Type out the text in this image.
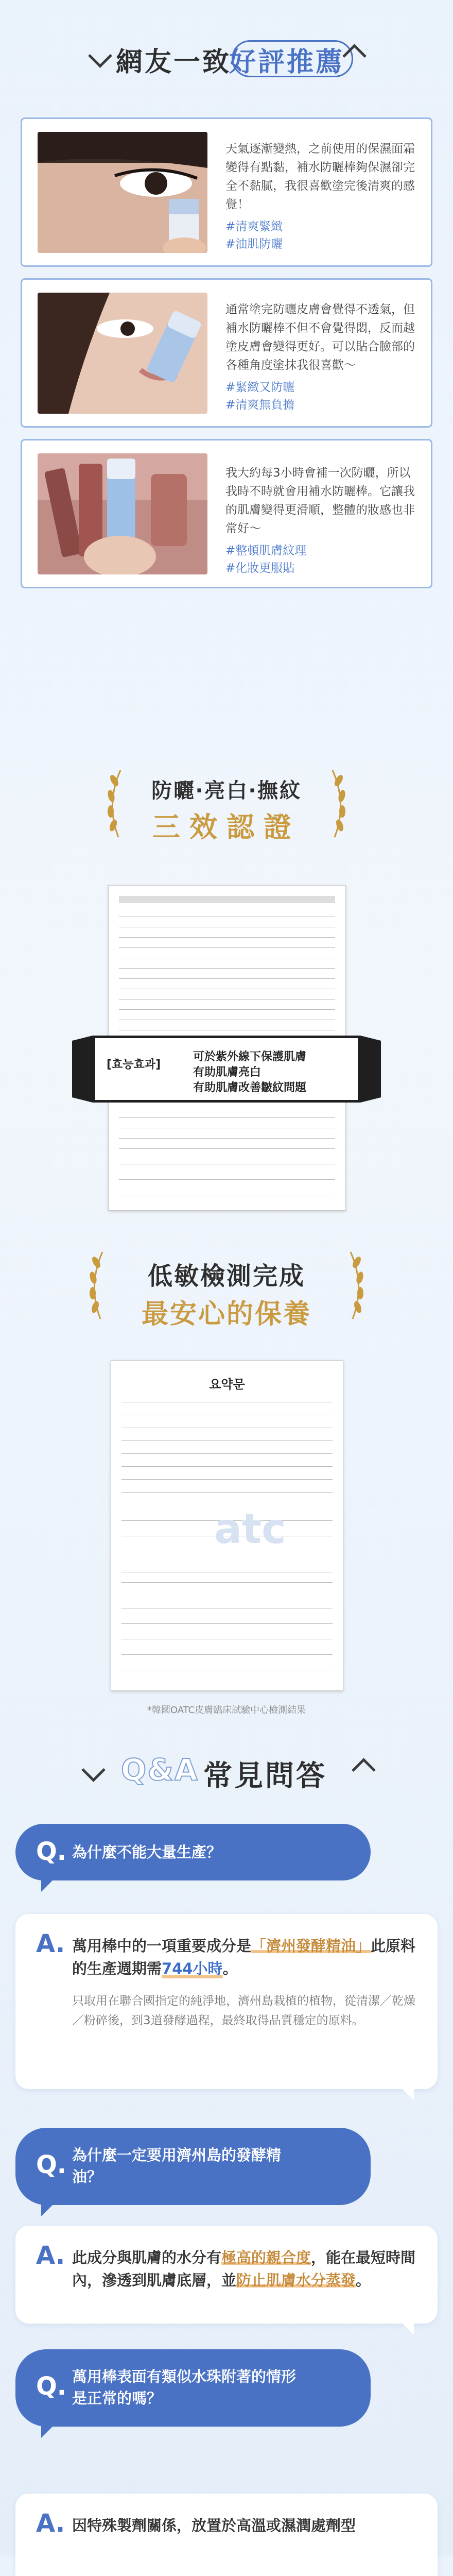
網友一致
好評推薦
天氣逐漸變熱，之前使用的保濕面霜變得有點黏，補水防曬棒夠保濕卻完全不黏膩，我很喜歡塗完後清爽的感覺！
#清爽緊緻
#油肌防曬
通常塗完防曬皮膚會覺得不透氣，但補水防曬棒不但不會覺得悶，反而越塗皮膚會變得更好。可以貼合臉部的各種角度塗抹我很喜歡～
#緊緻又防曬
#清爽無負擔
我大約每3小時會補一次防曬，所以我時不時就會用補水防曬棒。它讓我的肌膚變得更滑順，整體的妝感也非常好～
#整頓肌膚紋理
#化妝更服貼
防曬‧亮白‧撫紋
三效認證
[효능효과]
可於紫外線下保護肌膚
有助肌膚亮白
有助肌膚改善皺紋問題
低敏檢測完成
最安心的保養
요약문
atc
*韓國OATC皮膚臨床試驗中心檢測結果
Q&A 常見問答
Q. 為什麼不能大量生產？
A. 萬用棒中的一項重要成分是「濟州發酵精油」此原料的生產週期需744小時。
只取用在聯合國指定的純淨地，濟州島栽植的植物，從清潔／乾燥／粉碎後，到3道發酵過程，最終取得品質穩定的原料。
Q. 為什麼一定要用濟州島的發酵精油？
A. 此成分與肌膚的水分有極高的親合度，能在最短時間內，滲透到肌膚底層，並防止肌膚水分蒸發。
Q. 萬用棒表面有類似水珠附著的情形是正常的嗎？
A. 因特殊製劑關係，放置於高溫或濕潤處劑型
